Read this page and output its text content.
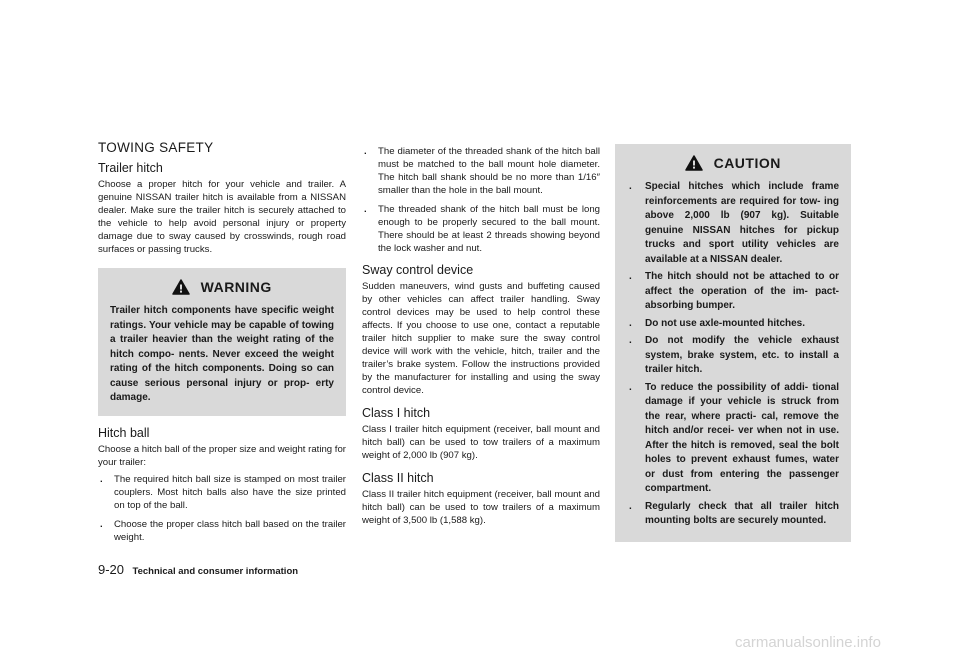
TOWING SAFETY
Trailer hitch

Choose a proper hitch for your vehicle and trailer. A genuine NISSAN trailer hitch is available from a NISSAN dealer. Make sure the trailer hitch is securely attached to the vehicle to help avoid personal injury or property damage due to sway caused by crosswinds, rough road surfaces or passing trucks.

WARNING

Trailer hitch components have specific weight ratings. Your vehicle may be capable of towing a trailer heavier than the weight rating of the hitch compo- nents. Never exceed the weight rating of the hitch components. Doing so can cause serious personal injury or prop- erty damage.

Hitch ball

Choose a hitch ball of the proper size and weight rating for your trailer:

. The required hitch ball size is stamped on most trailer couplers. Most hitch balls also have the size printed on top of the ball.
. Choose the proper class hitch ball based on the trailer weight.
. The diameter of the threaded shank of the hitch ball must be matched to the ball mount hole diameter. The hitch ball shank should be no more than 1/16″ smaller than the hole in the ball mount.
. The threaded shank of the hitch ball must be long enough to be properly secured to the ball mount. There should be at least 2 threads showing beyond the lock washer and nut.
Sway control device

Sudden maneuvers, wind gusts and buffeting caused by other vehicles can affect trailer handling. Sway control devices may be used to help control these affects. If you choose to use one, contact a reputable trailer hitch supplier to make sure the sway control device will work with the vehicle, hitch, trailer and the trailer’s brake system. Follow the instructions provided by the manufacturer for installing and using the sway control device.

Class I hitch

Class I trailer hitch equipment (receiver, ball mount and hitch ball) can be used to tow trailers of a maximum weight of 2,000 lb (907 kg).

Class II hitch

Class II trailer hitch equipment (receiver, ball mount and hitch ball) can be used to tow trailers of a maximum weight of 3,500 lb (1,588 kg).

CAUTION
. Special hitches which include frame reinforcements are required for tow- ing above 2,000 lb (907 kg). Suitable genuine NISSAN hitches for pickup trucks and sport utility vehicles are available at a NISSAN dealer.
. The hitch should not be attached to or affect the operation of the im- pact-absorbing bumper.
. Do not use axle-mounted hitches.
. Do not modify the vehicle exhaust system, brake system, etc. to install a trailer hitch.
. To reduce the possibility of addi- tional damage if your vehicle is struck from the rear, where practi- cal, remove the hitch and/or recei- ver when not in use. After the hitch is removed, seal the bolt holes to prevent exhaust fumes, water or dust from entering the passenger compartment.
. Regularly check that all trailer hitch mounting bolts are securely mounted.
9-20 Technical and consumer information
carmanualsonline.info
